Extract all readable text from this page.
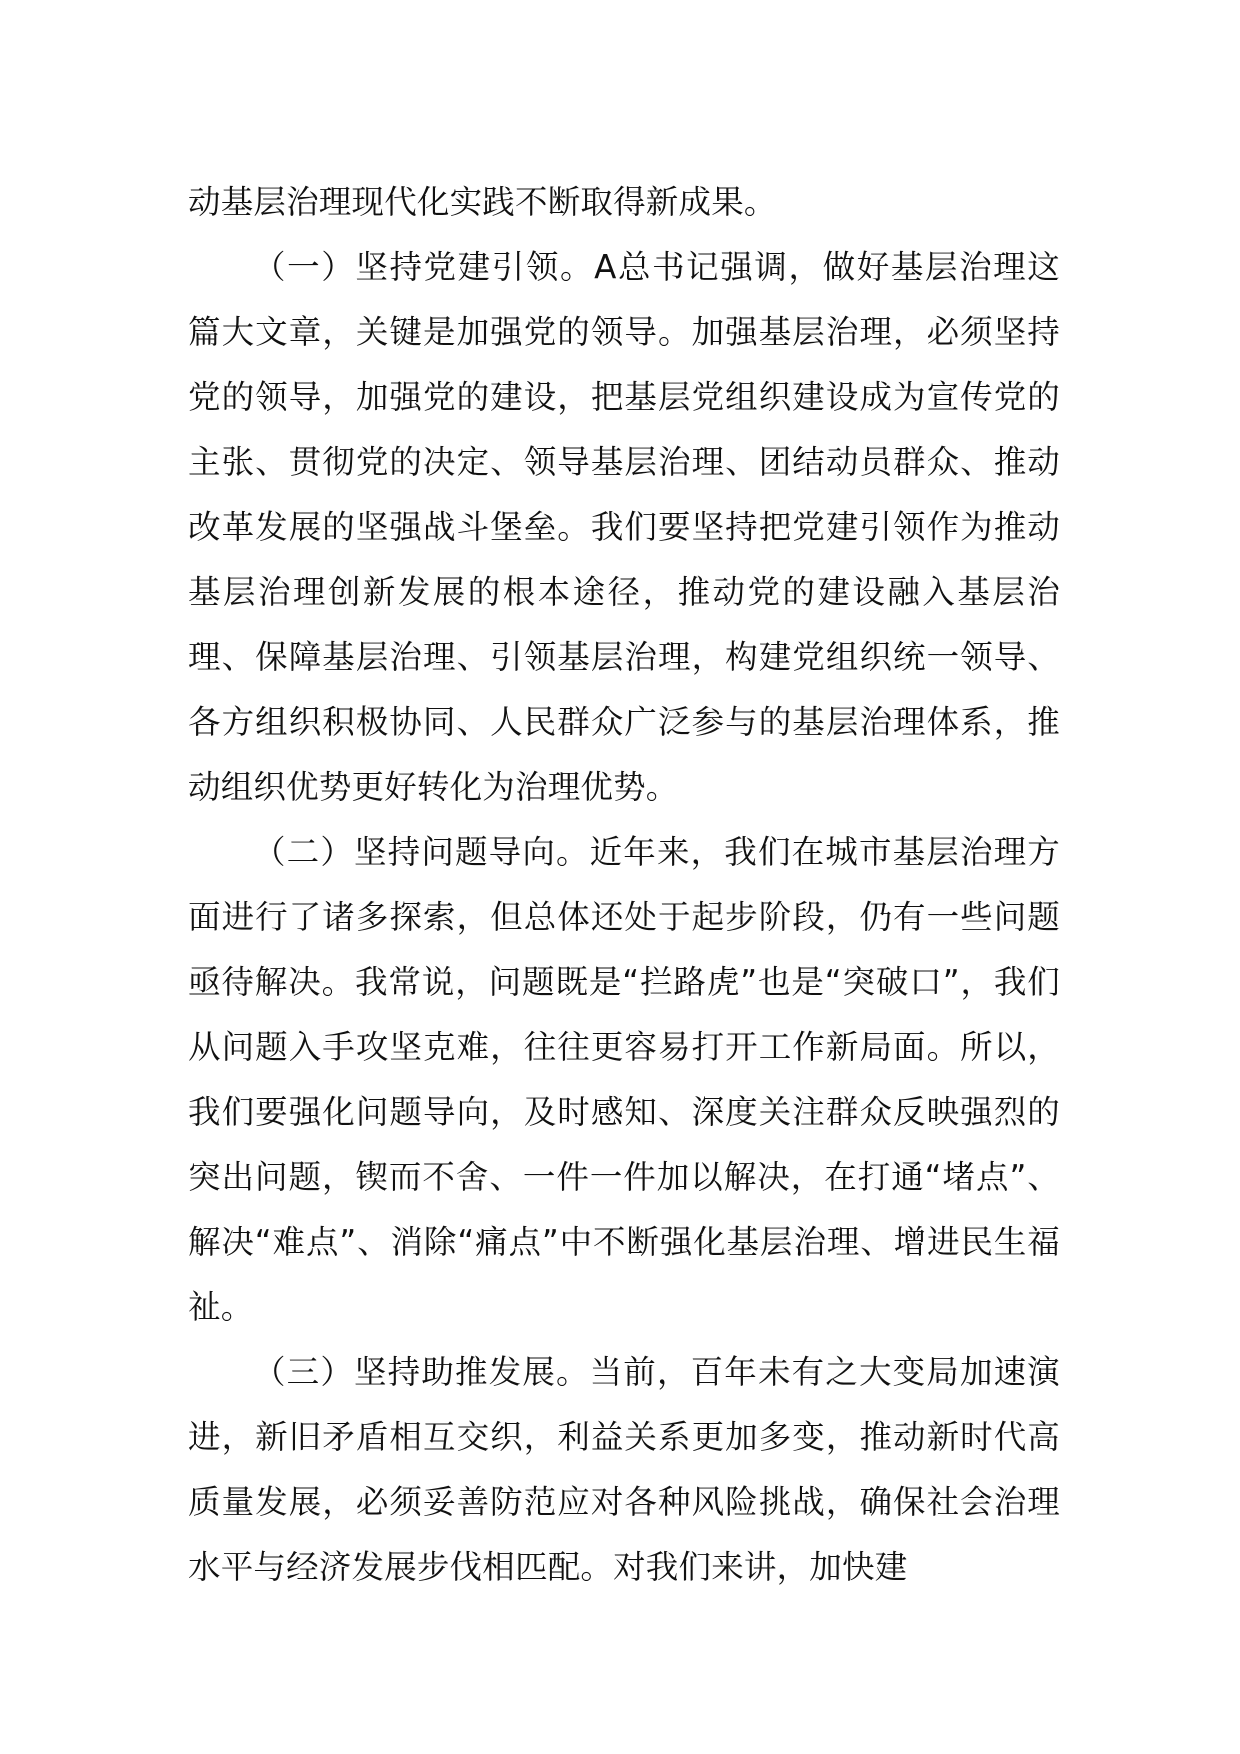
动基层治理现代化实践不断取得新成果。

（一）坚持党建引领。A总书记强调，做好基层治理这篇大文章，关键是加强党的领导。加强基层治理，必须坚持党的领导，加强党的建设，把基层党组织建设成为宣传党的主张、贯彻党的决定、领导基层治理、团结动员群众、推动改革发展的坚强战斗堡垒。我们要坚持把党建引领作为推动基层治理创新发展的根本途径，推动党的建设融入基层治理、保障基层治理、引领基层治理，构建党组织统一领导、各方组织积极协同、人民群众广泛参与的基层治理体系，推动组织优势更好转化为治理优势。

（二）坚持问题导向。近年来，我们在城市基层治理方面进行了诸多探索，但总体还处于起步阶段，仍有一些问题亟待解决。我常说，问题既是“拦路虎”也是“突破口”，我们从问题入手攻坚克难，往往更容易打开工作新局面。所以，我们要强化问题导向，及时感知、深度关注群众反映强烈的突出问题，锲而不舍、一件一件加以解决，在打通“堵点”、解决“难点”、消除“痛点”中不断强化基层治理、增进民生福祉。

（三）坚持助推发展。当前，百年未有之大变局加速演进，新旧矛盾相互交织，利益关系更加多变，推动新时代高质量发展，必须妥善防范应对各种风险挑战，确保社会治理水平与经济发展步伐相匹配。对我们来讲，加快建
